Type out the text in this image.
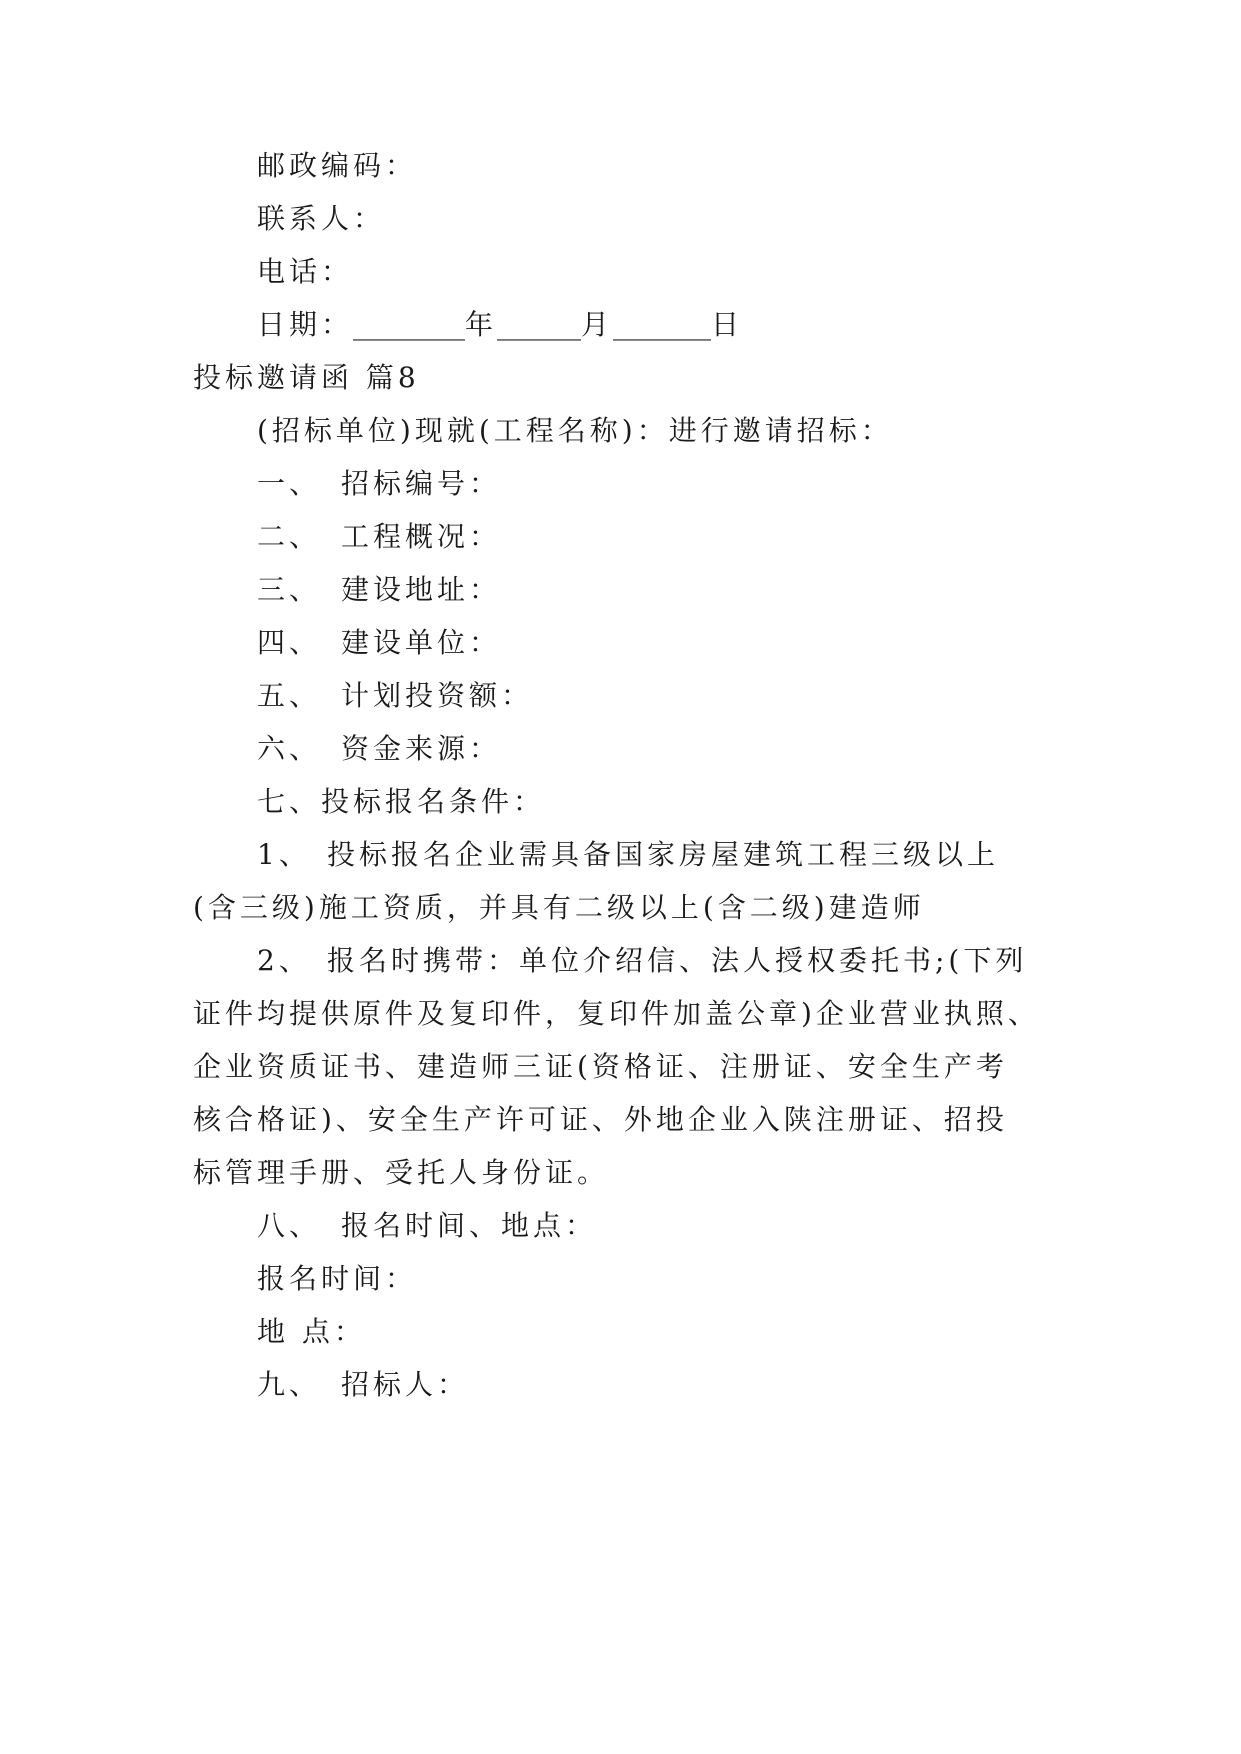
邮政编码：
联系人：
电话：
日期：________年______月_______日
投标邀请函 篇8
(招标单位)现就(工程名称)：进行邀请招标：
一、 招标编号：
二、 工程概况：
三、 建设地址：
四、 建设单位：
五、 计划投资额：
六、 资金来源：
七、投标报名条件：
1、 投标报名企业需具备国家房屋建筑工程三级以上
(含三级)施工资质，并具有二级以上(含二级)建造师
2、 报名时携带：单位介绍信、法人授权委托书;(下列
证件均提供原件及复印件，复印件加盖公章)企业营业执照、
企业资质证书、建造师三证(资格证、注册证、安全生产考
核合格证)、安全生产许可证、外地企业入陕注册证、招投
标管理手册、受托人身份证。
八、 报名时间、地点：
报名时间：
地 点：
九、 招标人：
